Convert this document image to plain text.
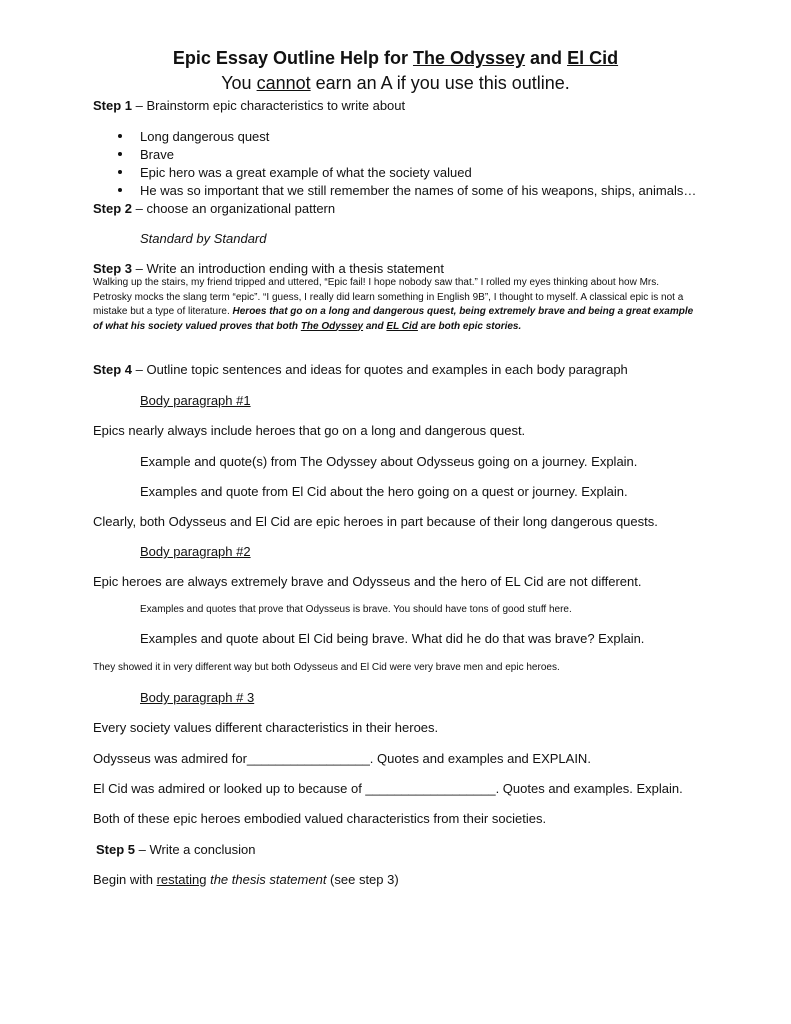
Epic Essay Outline Help for The Odyssey and El Cid
You cannot earn an A if you use this outline.
Step 1 – Brainstorm epic characteristics to write about
Long dangerous quest
Brave
Epic hero was a great example of what the society valued
He was so important that we still remember the names of some of his weapons, ships, animals…
Step 2 – choose an organizational pattern
Standard by Standard
Step 3 – Write an introduction ending with a thesis statement
Walking up the stairs, my friend tripped and uttered, “Epic fail! I hope nobody saw that.” I rolled my eyes thinking about how Mrs. Petrosky mocks the slang term “epic”. “I guess, I really did learn something in English 9B”, I thought to myself. A classical epic is not a mistake but a type of literature. Heroes that go on a long and dangerous quest, being extremely brave and being a great example of what his society valued proves that both The Odyssey and EL Cid are both epic stories.
Step 4 – Outline topic sentences and ideas for quotes and examples in each body paragraph
Body paragraph #1
Epics nearly always include heroes that go on a long and dangerous quest.
Example and quote(s) from The Odyssey about Odysseus going on a journey. Explain.
Examples and quote from El Cid about the hero going on a quest or journey. Explain.
Clearly, both Odysseus and El Cid are epic heroes in part because of their long dangerous quests.
Body paragraph #2
Epic heroes are always extremely brave and Odysseus and the hero of EL Cid are not different.
Examples and quotes that prove that Odysseus is brave. You should have tons of good stuff here.
Examples and quote about El Cid being brave. What did he do that was brave? Explain.
They showed it in very different way but both Odysseus and El Cid were very brave men and epic heroes.
Body paragraph # 3
Every society values different characteristics in their heroes.
Odysseus was admired for_________________. Quotes and examples and EXPLAIN.
El Cid was admired or looked up to because of __________________. Quotes and examples. Explain.
Both of these epic heroes embodied valued characteristics from their societies.
Step 5 – Write a conclusion
Begin with restating the thesis statement (see step 3)
